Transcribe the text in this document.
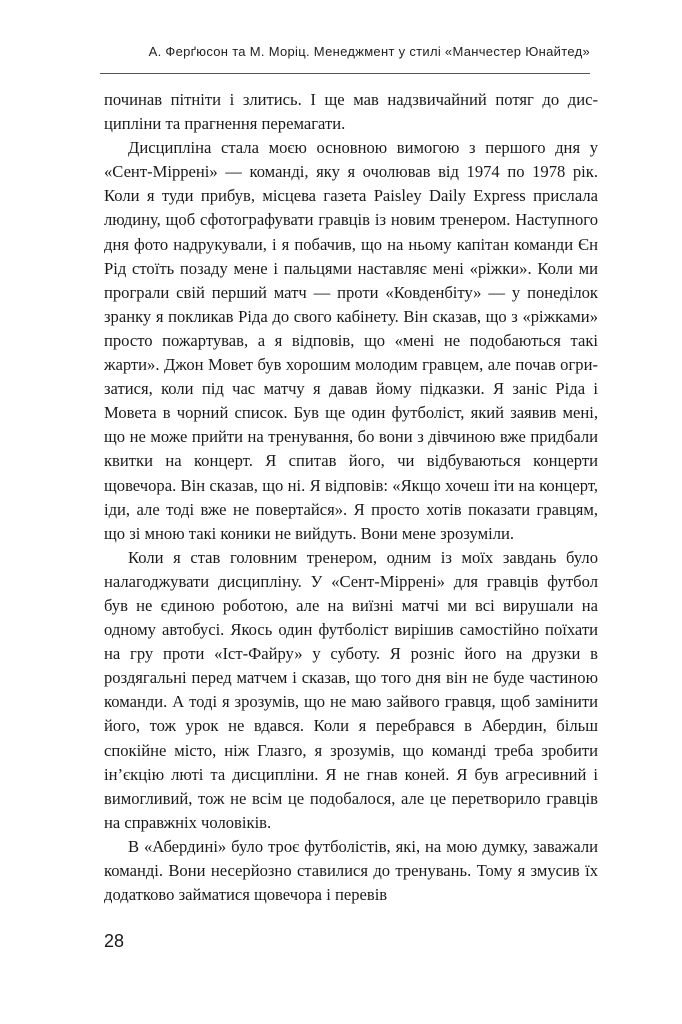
А. Ферґюсон та М. Моріц. Менеджмент у стилі «Манчестер Юнайтед»

починав пітніти і злитись. І ще мав надзвичайний потяг до дисципліни та прагнення перемагати.

Дисципліна стала моєю основною вимогою з першого дня у «Сент-Міррені» — команді, яку я очолював від 1974 по 1978 рік. Коли я туди прибув, місцева газета Paisley Daily Express прислала людину, щоб сфотографувати гравців із новим тренером. Наступного дня фото надрукували, і я побачив, що на ньому капітан команди Єн Рід стоїть позаду мене і пальцями наставляє мені «ріжки». Коли ми програли свій перший матч — проти «Ковденбіту» — у понеділок зранку я покликав Ріда до свого кабінету. Він сказав, що з «ріжками» просто пожартував, а я відповів, що «мені не подобаються такі жарти». Джон Мовет був хорошим молодим гравцем, але почав огризатися, коли під час матчу я давав йому підказки. Я заніс Ріда і Мовета в чорний список. Був ще один футболіст, який заявив мені, що не може прийти на тренування, бо вони з дівчиною вже придбали квитки на концерт. Я спитав його, чи відбуваються концерти щовечора. Він сказав, що ні. Я відповів: «Якщо хочеш іти на концерт, іди, але тоді вже не повертайся». Я просто хотів показати гравцям, що зі мною такі коники не вийдуть. Вони мене зрозуміли.

Коли я став головним тренером, одним із моїх завдань було налагоджувати дисципліну. У «Сент-Міррені» для гравців футбол був не єдиною роботою, але на виїзні матчі ми всі вирушали на одному автобусі. Якось один футболіст вирішив самостійно поїхати на гру проти «Іст-Файру» у суботу. Я розніс його на друзки в роздягальні перед матчем і сказав, що того дня він не буде частиною команди. А тоді я зрозумів, що не маю зайвого гравця, щоб замінити його, тож урок не вдався. Коли я перебрався в Абердин, більш спокійне місто, ніж Глазго, я зрозумів, що команді треба зробити ін’єкцію люті та дисципліни. Я не гнав коней. Я був агресивний і вимогливий, тож не всім це подобалося, але це перетворило гравців на справжніх чоловіків.

В «Абердині» було троє футболістів, які, на мою думку, заважали команді. Вони несерйозно ставилися до тренувань. Тому я змусив їх додатково займатися щовечора і перевів

28
